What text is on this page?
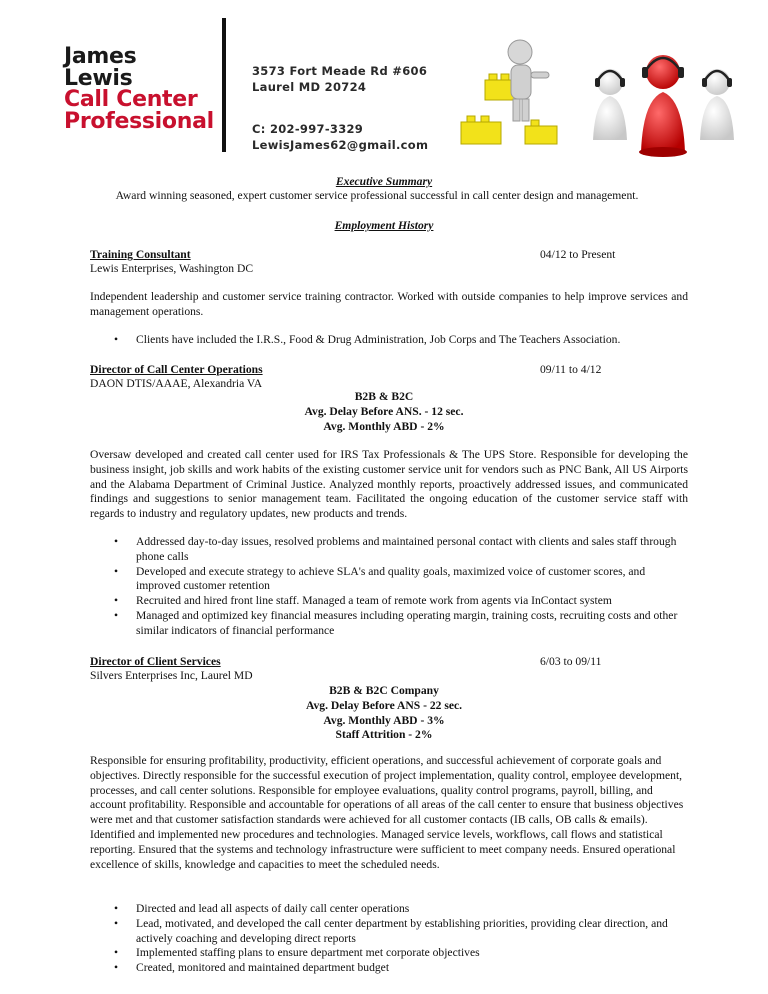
James
Lewis
Call Center
Professional
3573 Fort Meade Rd #606
Laurel MD 20724
C: 202-997-3329
LewisJames62@gmail.com
Executive Summary
Award winning seasoned, expert customer service professional successful in call center design and management.
Employment History
Training Consultant	04/12 to Present
Lewis Enterprises, Washington DC
Independent leadership and customer service training contractor. Worked with outside companies to help improve services and management operations.
• Clients have included the I.R.S., Food & Drug Administration, Job Corps and The Teachers Association.
Director of Call Center Operations	09/11 to 4/12
DAON DTIS/AAAE, Alexandria VA
B2B & B2C
Avg. Delay Before ANS. - 12 sec.
Avg. Monthly ABD - 2%
Oversaw developed and created call center used for IRS Tax Professionals & The UPS Store. Responsible for developing the business insight, job skills and work habits of the existing customer service unit for vendors such as PNC Bank, All US Airports and the Alabama Department of Criminal Justice. Analyzed monthly reports, proactively addressed issues, and communicated findings and suggestions to senior management team. Facilitated the ongoing education of the customer service staff with regards to industry and regulatory updates, new products and trends.
• Addressed day-to-day issues, resolved problems and maintained personal contact with clients and sales staff through phone calls
• Developed and execute strategy to achieve SLA's and quality goals, maximized voice of customer scores, and improved customer retention
• Recruited and hired front line staff. Managed a team of remote work from agents via InContact system
• Managed and optimized key financial measures including operating margin, training costs, recruiting costs and other similar indicators of financial performance
Director of Client Services	6/03 to 09/11
Silvers Enterprises Inc, Laurel MD
B2B & B2C Company
Avg. Delay Before ANS - 22 sec.
Avg. Monthly ABD - 3%
Staff Attrition - 2%
Responsible for ensuring profitability, productivity, efficient operations, and successful achievement of corporate goals and objectives. Directly responsible for the successful execution of project implementation, quality control, employee development, processes, and call center solutions. Responsible for employee evaluations, quality control programs, payroll, billing, and account profitability. Responsible and accountable for operations of all areas of the call center to ensure that business objectives were met and that customer satisfaction standards were achieved for all customer contacts (IB calls, OB calls & emails). Identified and implemented new procedures and technologies. Managed service levels, workflows, call flows and statistical reporting. Ensured that the systems and technology infrastructure were sufficient to meet company needs. Ensured operational excellence of skills, knowledge and capacities to meet the scheduled needs.
• Directed and lead all aspects of daily call center operations
• Lead, motivated, and developed the call center department by establishing priorities, providing clear direction, and actively coaching and developing direct reports
• Implemented staffing plans to ensure department met corporate objectives
• Created, monitored and maintained department budget
